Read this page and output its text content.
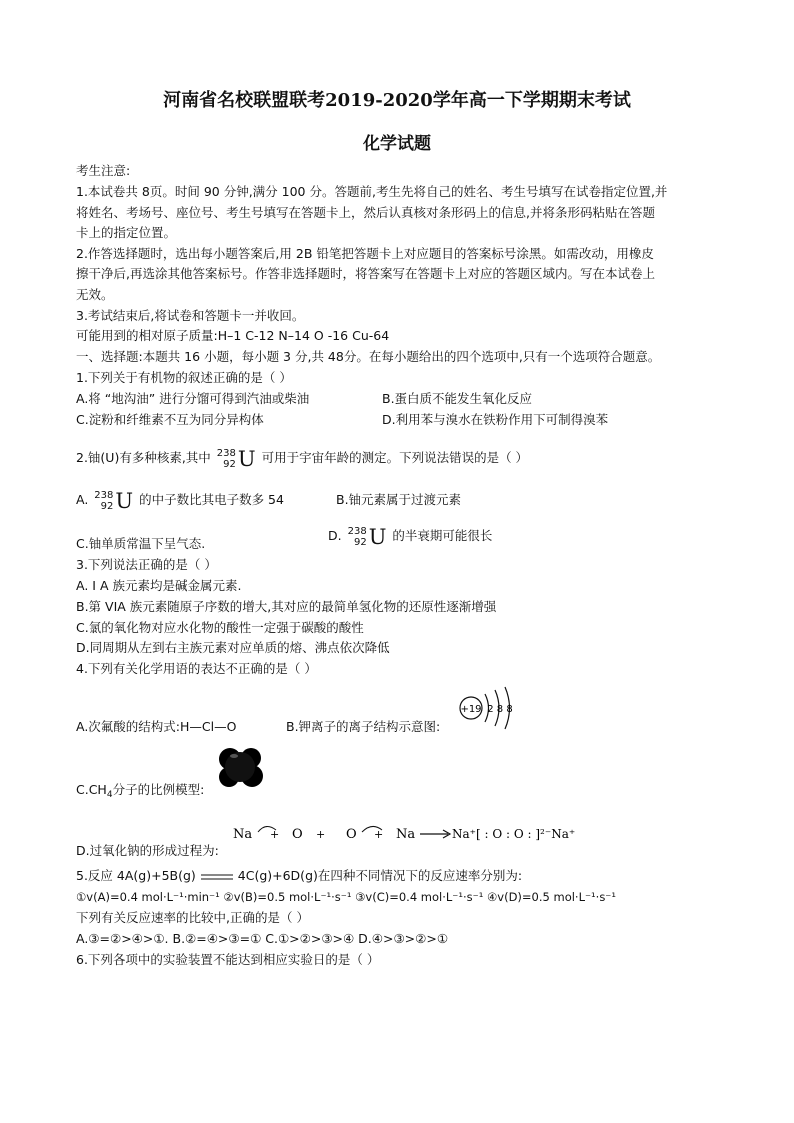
河南省名校联盟联考2019-2020学年高一下学期期末考试
化学试题
考生注意:
1.本试卷共 8页。时间 90 分钟,满分 100 分。答题前,考生先将自己的姓名、考生号填写在试卷指定位置,并
将姓名、考场号、座位号、考生号填写在答题卡上，然后认真核对条形码上的信息,并将条形码粘贴在答题
卡上的指定位置。
2.作答选择题时，选出每小题答案后,用 2B 铅笔把答题卡上对应题目的答案标号涂黑。如需改动，用橡皮
擦干净后,再选涂其他答案标号。作答非选择题时，将答案写在答题卡上对应的答题区域内。写在本试卷上
无效。
3.考试结束后,将试卷和答题卡一并收回。
可能用到的相对原子质量:H–1 C-12 N–14 O -16 Cu-64
一、选择题:本题共 16 小题，每小题 3 分,共 48分。在每小题给出的四个选项中,只有一个选项符合题意。
1.下列关于有机物的叙述正确的是（ ）
A.将 “地沟油” 进行分馏可得到汽油或柴油	B.蛋白质不能发生氧化反应
C.淀粉和纤维素不互为同分异构体	D.利用苯与溴水在铁粉作用下可制得溴苯
2.铀(U)有多种核素,其中 238
92 U 可用于宇宙年龄的测定。下列说法错误的是（ ）
A. 238
92 U 的中子数比其电子数多 54	B.铀元素属于过渡元素
C.铀单质常温下呈气态.
D. 238
92 U 的半衰期可能很长
3.下列说法正确的是（ ）
A. I A 族元素均是碱金属元素.
B.第 VIA 族元素随原子序数的增大,其对应的最简单氢化物的还原性逐渐增强
C.氯的氧化物对应水化物的酸性一定强于碳酸的酸性
D.同周期从左到右主族元素对应单质的熔、沸点依次降低
4.下列有关化学用语的表达不正确的是（ ）
A.次氟酸的结构式:H—Cl—O	B.钾离子的离子结构示意图:
+19 2 8 8
$C.CH_4$分子的比例模型:
D.过氧化钠的形成过程为:
Na + O + O + Na	Na⁺[ : O : O : ]²⁻Na⁺
5.反应 4A(g)+5B(g)	4C(g)+6D(g)在四种不同情况下的反应速率分别为:
①v(A)=0.4 mol·L⁻¹·min⁻¹ ②v(B)=0.5 mol·L⁻¹·s⁻¹ ③v(C)=0.4 mol·L⁻¹·s⁻¹ ④v(D)=0.5 mol·L⁻¹·s⁻¹
下列有关反应速率的比较中,正确的是（ ）
A.③=②>④>①. B.②=④>③=① C.①>②>③>④ D.④>③>②>①
6.下列各项中的实验装置不能达到相应实验日的是（ ）
